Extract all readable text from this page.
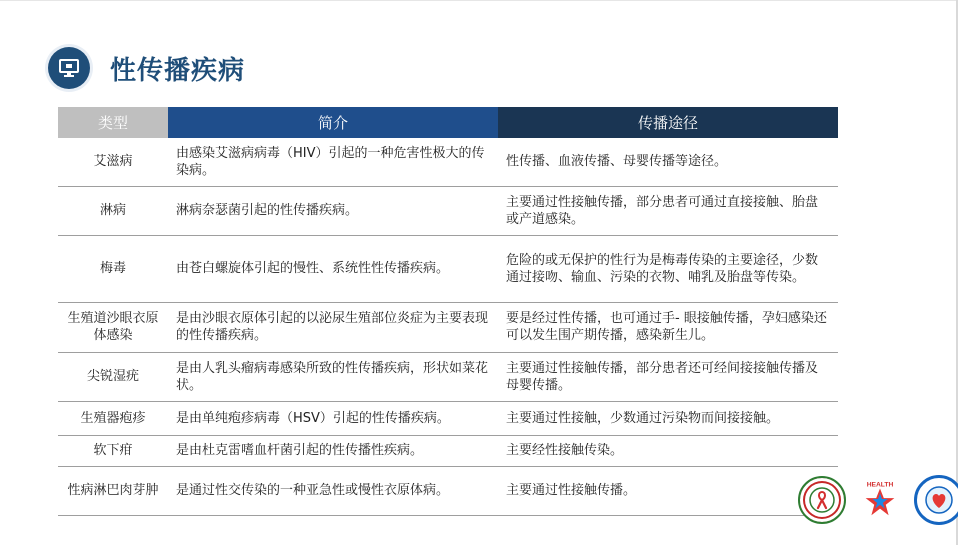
性传播疾病
类型	简介	传播途径
艾滋病	由感染艾滋病病毒（HIV）引起的一种危害性极大的传染病。	性传播、血液传播、母婴传播等途径。
淋病	淋病奈瑟菌引起的性传播疾病。	主要通过性接触传播，部分患者可通过直接接触、胎盘或产道感染。
梅毒	由苍白螺旋体引起的慢性、系统性性传播疾病。	危险的或无保护的性行为是梅毒传染的主要途径，少数通过接吻、输血、污染的衣物、哺乳及胎盘等传染。
生殖道沙眼衣原体感染	是由沙眼衣原体引起的以泌尿生殖部位炎症为主要表现的性传播疾病。	要是经过性传播，也可通过手- 眼接触传播，孕妇感染还可以发生围产期传播，感染新生儿。
尖锐湿疣	是由人乳头瘤病毒感染所致的性传播疾病，形状如菜花状。	主要通过性接触传播，部分患者还可经间接接触传播及母婴传播。
生殖器疱疹	是由单纯疱疹病毒（HSV）引起的性传播疾病。	主要通过性接触，少数通过污染物而间接接触。
软下疳	是由杜克雷嗜血杆菌引起的性传播性疾病。	主要经性接触传染。
性病淋巴肉芽肿	是通过性交传染的一种亚急性或慢性衣原体病。	主要通过性接触传播。	HEALTH
